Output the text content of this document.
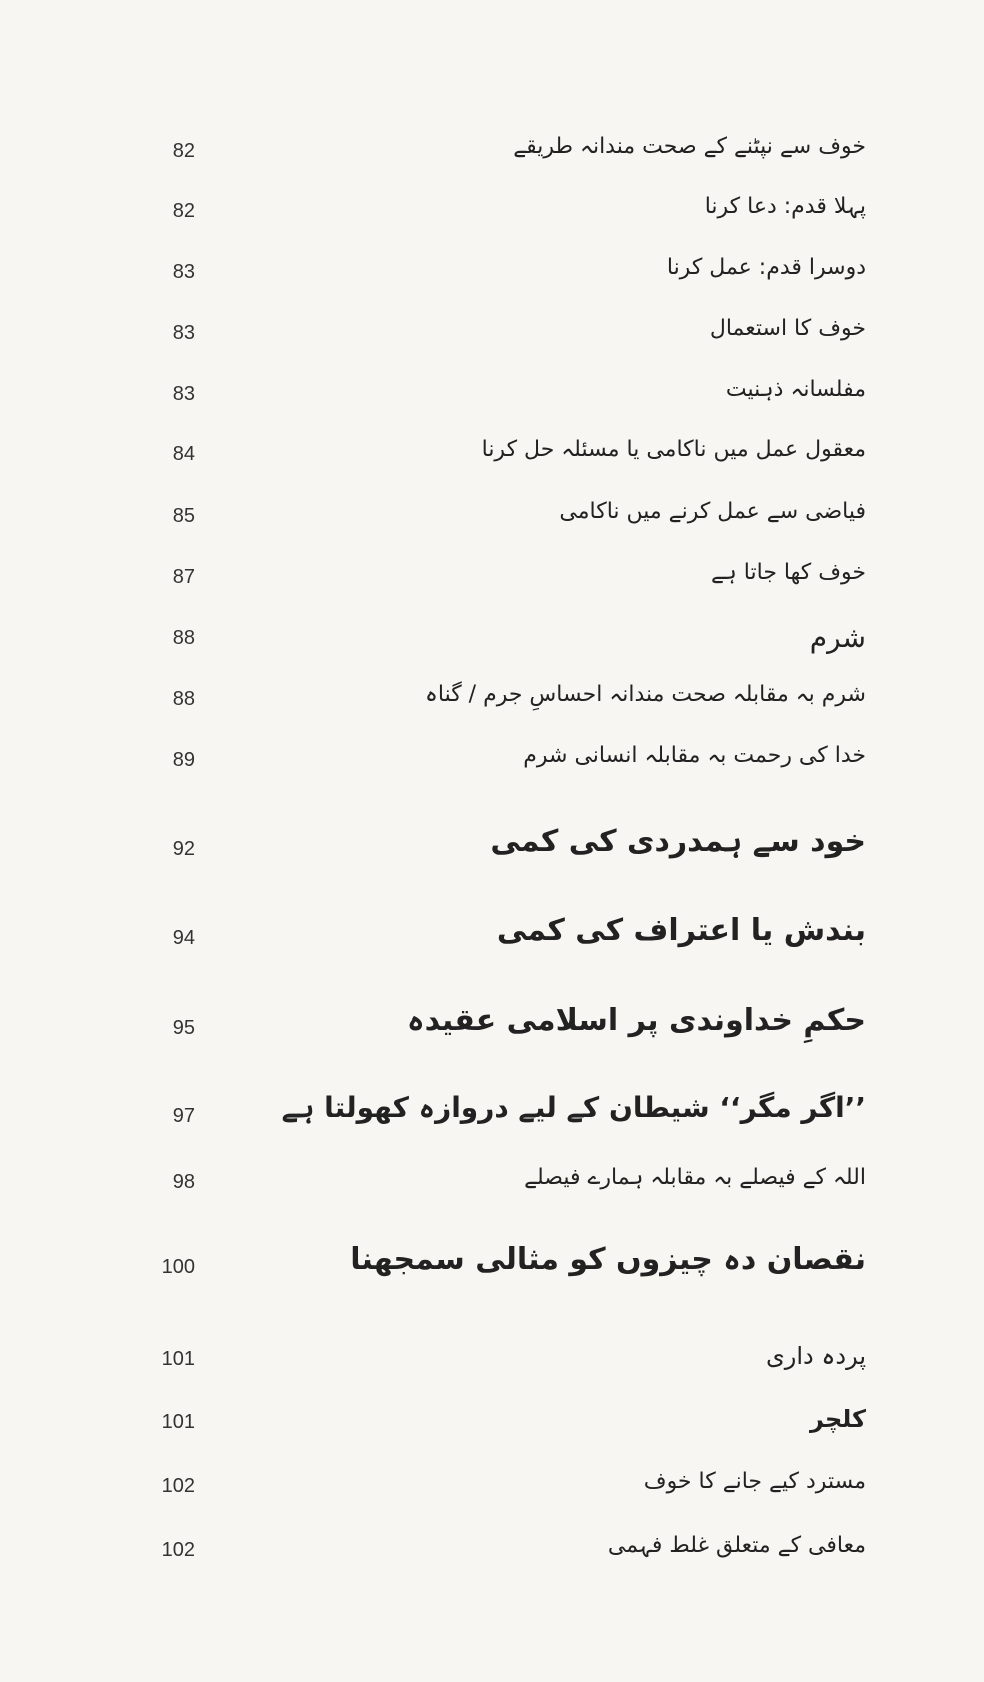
خوف سے نپٹنے کے صحت مندانہ طریقے
82
پہلا قدم: دعا کرنا
82
دوسرا قدم: عمل کرنا
83
خوف کا استعمال
83
مفلسانہ ذہنیت
83
معقول عمل میں ناکامی یا مسئلہ حل کرنا
84
فیاضی سے عمل کرنے میں ناکامی
85
خوف کھا جاتا ہے
87
شرم
88
شرم بہ مقابلہ صحت مندانہ احساسِ جرم / گناہ
88
خدا کی رحمت بہ مقابلہ انسانی شرم
89
خود سے ہمدردی کی کمی
92
بندش یا اعتراف کی کمی
94
حکمِ خداوندی پر اسلامی عقیدہ
95
’’اگر مگر‘‘ شیطان کے لیے دروازہ کھولتا ہے
97
اللہ کے فیصلے بہ مقابلہ ہمارے فیصلے
98
نقصان دہ چیزوں کو مثالی سمجھنا
100
پردہ داری
101
کلچر
101
مسترد کیے جانے کا خوف
102
معافی کے متعلق غلط فہمی
102
